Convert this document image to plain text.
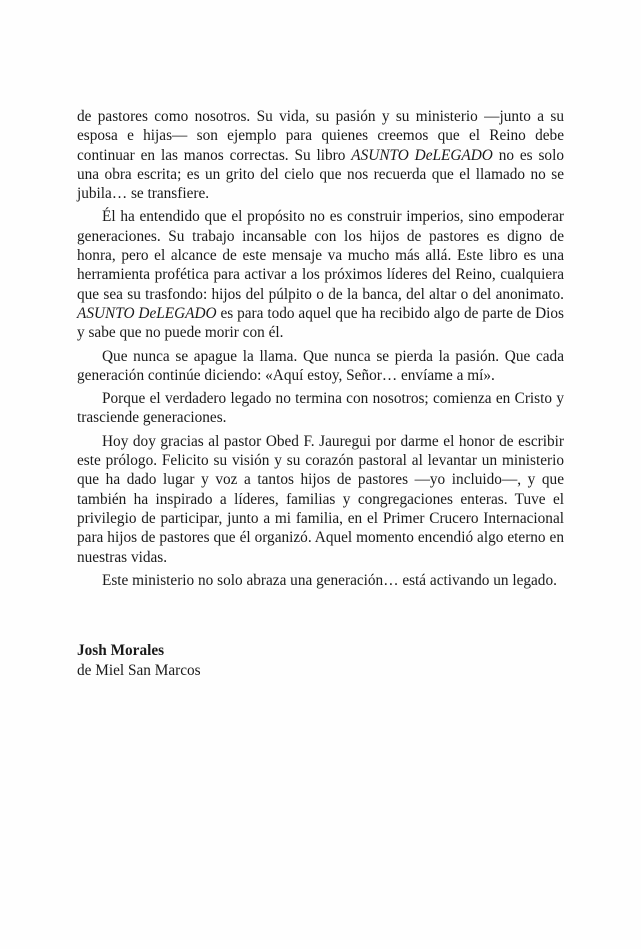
de pastores como nosotros. Su vida, su pasión y su ministerio —junto a su esposa e hijas— son ejemplo para quienes creemos que el Reino debe continuar en las manos correctas. Su libro ASUNTO DeLEGADO no es solo una obra escrita; es un grito del cielo que nos recuerda que el llamado no se jubila… se transfiere.

Él ha entendido que el propósito no es construir imperios, sino empoderar generaciones. Su trabajo incansable con los hijos de pastores es digno de honra, pero el alcance de este mensaje va mucho más allá. Este libro es una herramienta profética para activar a los próximos líderes del Reino, cualquiera que sea su trasfondo: hijos del púlpito o de la banca, del altar o del anonimato. ASUNTO DeLEGADO es para todo aquel que ha recibido algo de parte de Dios y sabe que no puede morir con él.

Que nunca se apague la llama. Que nunca se pierda la pasión. Que cada generación continúe diciendo: «Aquí estoy, Señor… envíame a mí».

Porque el verdadero legado no termina con nosotros; comienza en Cristo y trasciende generaciones.

Hoy doy gracias al pastor Obed F. Jauregui por darme el honor de escribir este prólogo. Felicito su visión y su corazón pastoral al levantar un ministerio que ha dado lugar y voz a tantos hijos de pastores —yo incluido—, y que también ha inspirado a líderes, familias y congregaciones enteras. Tuve el privilegio de participar, junto a mi familia, en el Primer Crucero Internacional para hijos de pastores que él organizó. Aquel momento encendió algo eterno en nuestras vidas.

Este ministerio no solo abraza una generación… está activando un legado.

Josh Morales
de Miel San Marcos
